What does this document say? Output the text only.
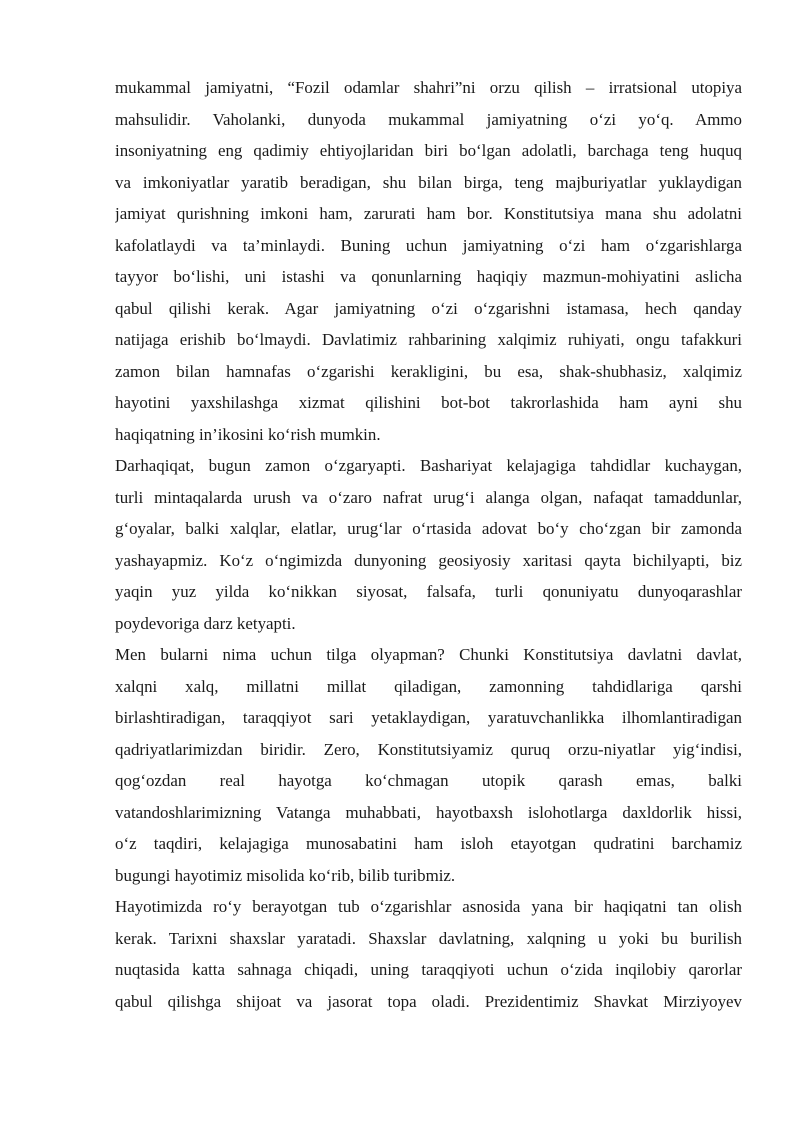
mukammal jamiyatni, “Fozil odamlar shahri”ni orzu qilish – irratsional utopiya
mahsulidir. Vaholanki, dunyoda mukammal jamiyatning o‘zi yo‘q. Ammo
insoniyatning eng qadimiy ehtiyojlaridan biri bo‘lgan adolatli, barchaga teng huquq
va imkoniyatlar yaratib beradigan, shu bilan birga, teng majburiyatlar yuklaydigan
jamiyat qurishning imkoni ham, zarurati ham bor. Konstitutsiya mana shu adolatni
kafolatlaydi va ta’minlaydi. Buning uchun jamiyatning o‘zi ham o‘zgarishlarga
tayyor bo‘lishi, uni istashi va qonunlarning haqiqiy mazmun-mohiyatini aslicha
qabul qilishi kerak. Agar jamiyatning o‘zi o‘zgarishni istamasa, hech qanday
natijaga erishib bo‘lmaydi. Davlatimiz rahbarining xalqimiz ruhiyati, ongu tafakkuri
zamon bilan hamnafas o‘zgarishi kerakligini, bu esa, shak-shubhasiz, xalqimiz
hayotini yaxshilashga xizmat qilishini bot-bot takrorlashida ham ayni shu
haqiqatning in’ikosini ko‘rish mumkin.
Darhaqiqat, bugun zamon o‘zgaryapti. Bashariyat kelajagiga tahdidlar kuchaygan,
turli mintaqalarda urush va o‘zaro nafrat urug‘i alanga olgan, nafaqat tamaddunlar,
g‘oyalar, balki xalqlar, elatlar, urug‘lar o‘rtasida adovat bo‘y cho‘zgan bir zamonda
yashayapmiz. Ko‘z o‘ngimizda dunyoning geosiyosiy xaritasi qayta bichilyapti, biz
yaqin yuz yilda ko‘nikkan siyosat, falsafa, turli qonuniyatu dunyoqarashlar
poydevoriga darz ketyapti.
Men bularni nima uchun tilga olyapman? Chunki Konstitutsiya davlatni davlat,
xalqni xalq, millatni millat qiladigan, zamonning tahdidlariga qarshi
birlashtiradigan, taraqqiyot sari yetaklaydigan, yaratuvchanlikka ilhomlantiradigan
qadriyatlarimizdan biridir. Zero, Konstitutsiyamiz quruq orzu-niyatlar yig‘indisi,
qog‘ozdan real hayotga ko‘chmagan utopik qarash emas, balki
vatandoshlarimizning Vatanga muhabbati, hayotbaxsh islohotlarga daxldorlik hissi,
o‘z taqdiri, kelajagiga munosabatini ham isloh etayotgan qudratini barchamiz
bugungi hayotimiz misolida ko‘rib, bilib turibmiz.
Hayotimizda ro‘y berayotgan tub o‘zgarishlar asnosida yana bir haqiqatni tan olish
kerak. Tarixni shaxslar yaratadi. Shaxslar davlatning, xalqning u yoki bu burilish
nuqtasida katta sahnaga chiqadi, uning taraqqiyoti uchun o‘zida inqilobiy qarorlar
qabul qilishga shijoat va jasorat topa oladi. Prezidentimiz Shavkat Mirziyoyev
